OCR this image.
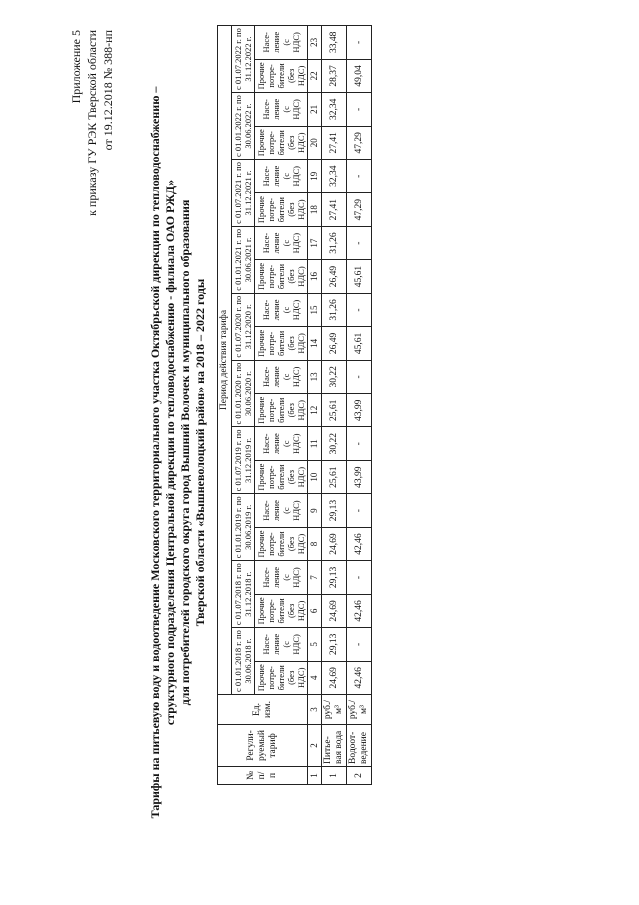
Приложение 5 к приказу ГУ РЭК Тверской области от 19.12.2018 № 388-нп	Тарифы на питьевую воду и водоотведение Московского территориального участка Октябрьской дирекции по тепловодоснабжению – структурного подразделения Центральной дирекции по тепловодоснабжению - филиала ОАО РЖД» для потребителей городского округа город Вышний Волочек и муниципального образования Тверской области «Вышневолоцкий район» на 2018 – 2022 годы
№ п/ п	Регули-руемый тариф	Ед. изм.	Период действия тарифа																			
			с 01.01.2018 г. по 30.06.2018 г.		с 01.07.2018 г. по 31.12.2018 г.		с 01.01.2019 г. по 30.06.2019 г.		с 01.07.2019 г. по 31.12.2019 г.		с 01.01.2020 г. по 30.06.2020 г.		с 01.07.2020 г. по 31.12.2020 г.		с 01.01.2021 г. по 30.06.2021 г.		с 01.07.2021 г. по 31.12.2021 г.		с 01.01.2022 г. по 30.06.2022 г.		с 01.07.2022 г. по 31.12.2022 г.	
			Прочие потре-бители (без НДС)	Насе-ление (с НДС)	Прочие потре-бители (без НДС)	Насе-ление (с НДС)	Прочие потре-бители (без НДС)	Насе-ление (с НДС)	Прочие потре-бители (без НДС)	Насе-ление (с НДС)	Прочие потре-бители (без НДС)	Насе-ление (с НДС)	Прочие потре-бители (без НДС)	Насе-ление (с НДС)	Прочие потре-бители (без НДС)	Насе-ление (с НДС)	Прочие потре-бители (без НДС)	Насе-ление (с НДС)	Прочие потре-бители (без НДС)	Насе-ление (с НДС)	Прочие потре-бители (без НДС)	Насе-ление (с НДС)
1	2	3	4	5	6	7	8	9	10	11	12	13	14	15	16	17	18	19	20	21	22	23
1	Питье-вая вода	руб./м³	24,69	29,13	24,69	29,13	24,69	29,13	25,61	30,22	25,61	30,22	26,49	31,26	26,49	31,26	27,41	32,34	27,41	32,34	28,37	33,48
2	Водоот-ведение	руб./м³	42,46	-	42,46	-	42,46	-	43,99	-	43,99	-	45,61	-	45,61	-	47,29	-	47,29	-	49,04	-
